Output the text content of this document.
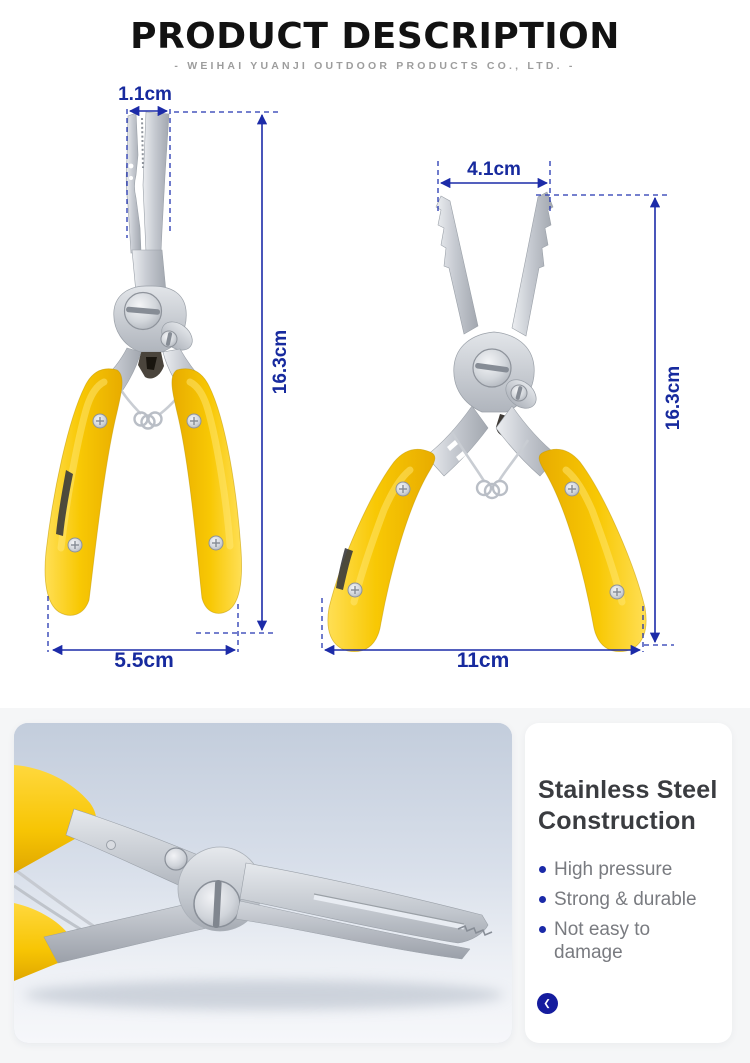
PRODUCT DESCRIPTION
- WEIHAI YUANJI OUTDOOR PRODUCTS CO., LTD. -
1.1cm
16.3cm
5.5cm
4.1cm
16.3cm
11cm
Stainless Steel Construction
High pressure
Strong & durable
Not easy to damage
❮
